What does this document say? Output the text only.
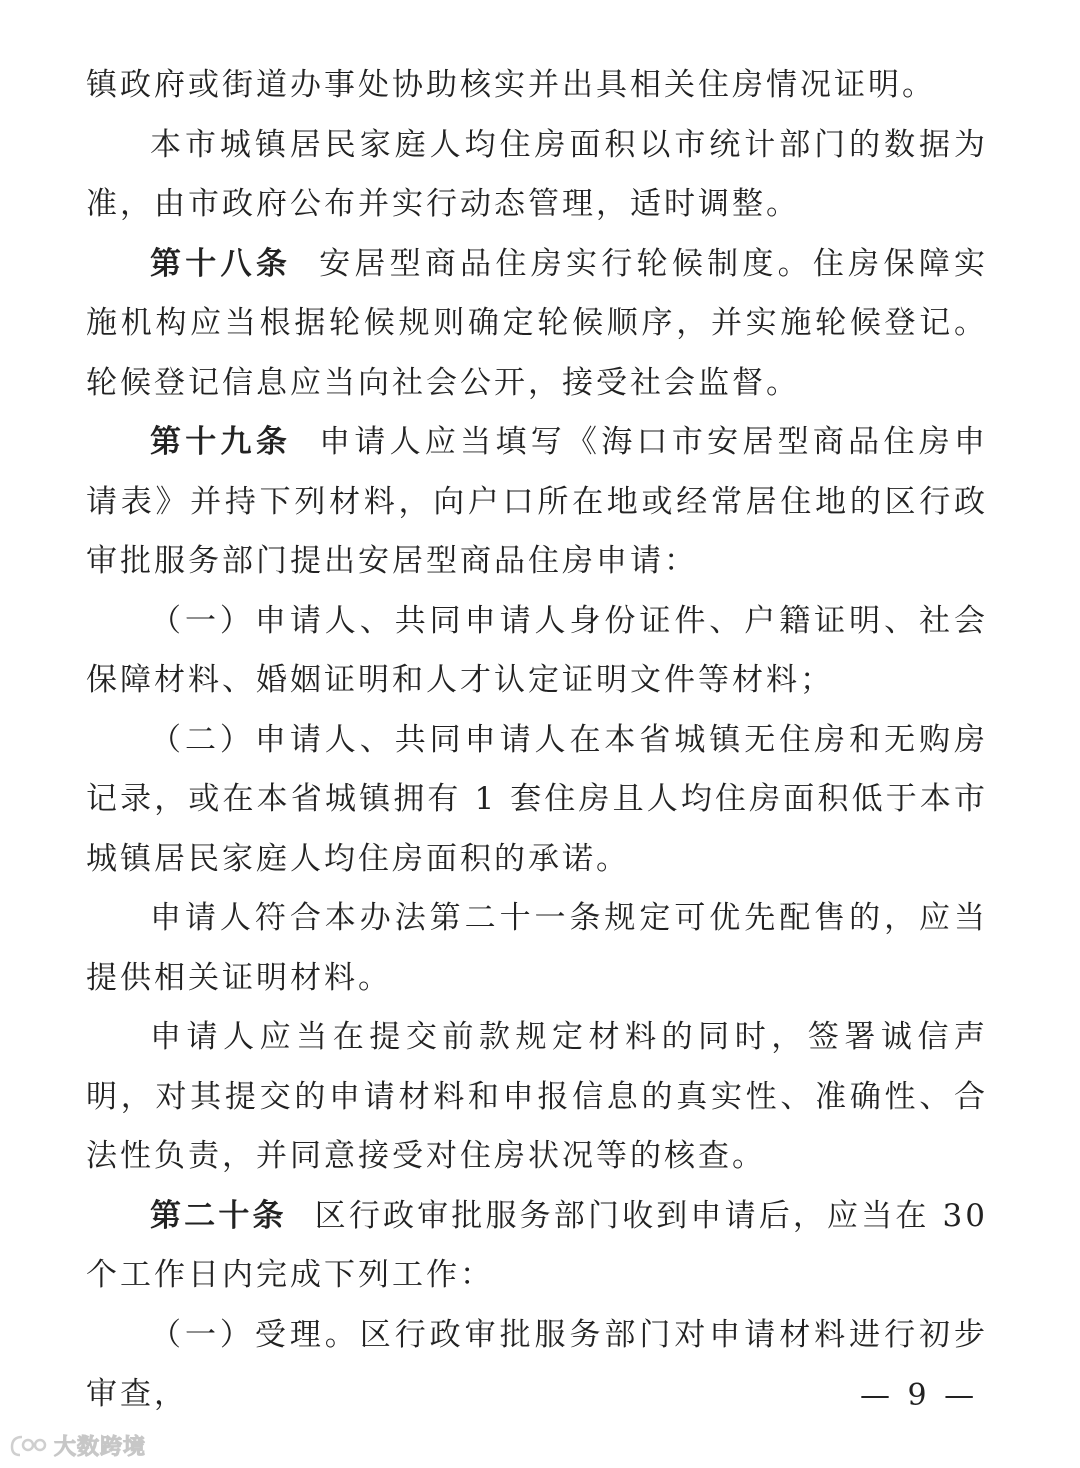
镇政府或街道办事处协助核实并出具相关住房情况证明。

本市城镇居民家庭人均住房面积以市统计部门的数据为准，由市政府公布并实行动态管理，适时调整。

第十八条 安居型商品住房实行轮候制度。住房保障实施机构应当根据轮候规则确定轮候顺序，并实施轮候登记。轮候登记信息应当向社会公开，接受社会监督。

第十九条 申请人应当填写《海口市安居型商品住房申请表》并持下列材料，向户口所在地或经常居住地的区行政审批服务部门提出安居型商品住房申请：

（一）申请人、共同申请人身份证件、户籍证明、社会保障材料、婚姻证明和人才认定证明文件等材料；

（二）申请人、共同申请人在本省城镇无住房和无购房记录，或在本省城镇拥有 1 套住房且人均住房面积低于本市城镇居民家庭人均住房面积的承诺。

申请人符合本办法第二十一条规定可优先配售的，应当提供相关证明材料。

申请人应当在提交前款规定材料的同时，签署诚信声明，对其提交的申请材料和申报信息的真实性、准确性、合法性负责，并同意接受对住房状况等的核查。

第二十条 区行政审批服务部门收到申请后，应当在 30 个工作日内完成下列工作：

（一）受理。区行政审批服务部门对申请材料进行初步审查，	— 9 —
大数跨境
